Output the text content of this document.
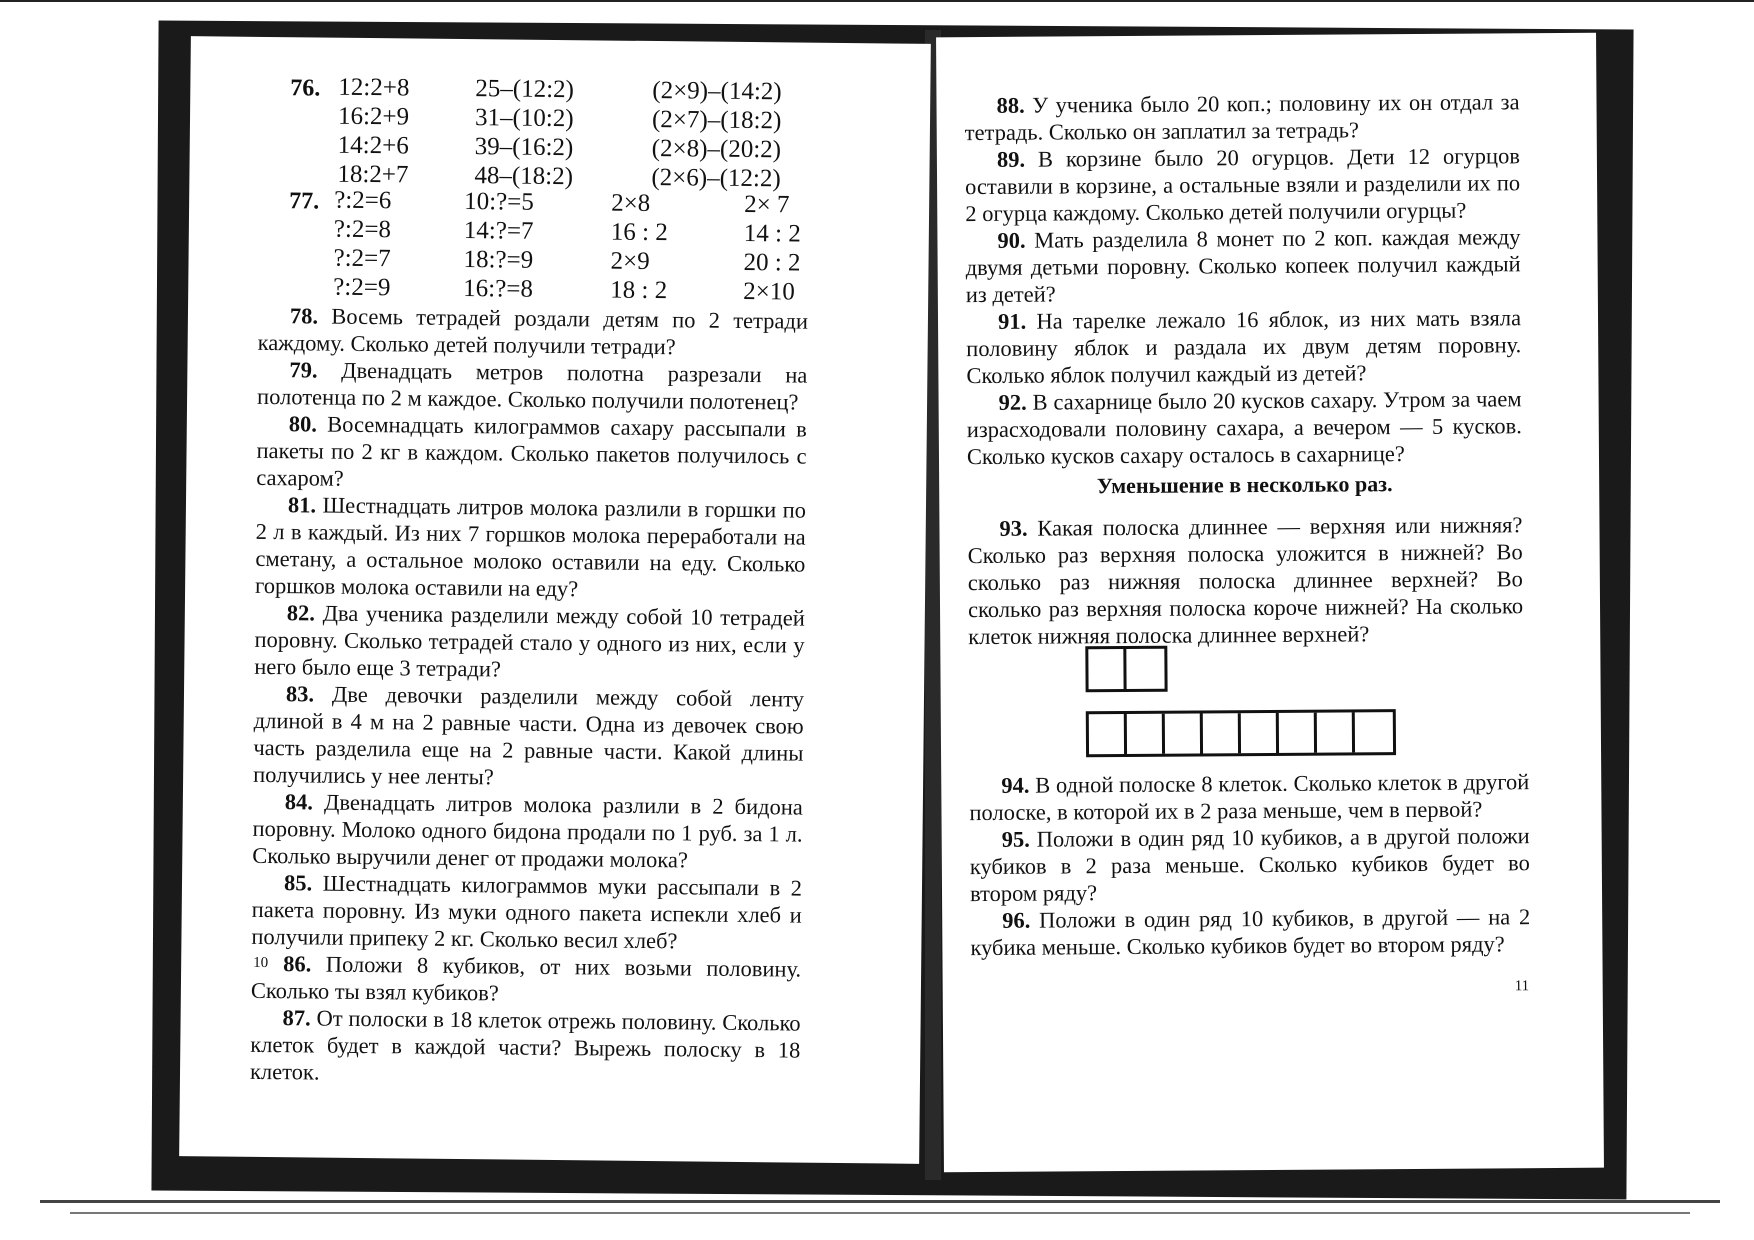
76. 12:2+8
16:2+9
14:2+6
18:2+7
25–(12:2)
31–(10:2)
39–(16:2)
48–(18:2)
(2×9)–(14:2)
(2×7)–(18:2)
(2×8)–(20:2)
(2×6)–(12:2)
77. ?:2=6
?:2=8
?:2=7
?:2=9
10:?=5
14:?=7
18:?=9
16:?=8
2×8
16 : 2
2×9
18 : 2
2× 7
14 : 2
20 : 2
2×10

78. Восемь тетрадей роздали детям по 2 тетради каждому. Сколько детей получили тетради?

79. Двенадцать метров полотна разрезали на полотенца по 2 м каждое. Сколько получили полотенец?

80. Восемнадцать килограммов сахару рассыпали в пакеты по 2 кг в каждом. Сколько пакетов получилось с сахаром?

81. Шестнадцать литров молока разлили в горшки по 2 л в каждый. Из них 7 горшков молока переработали на сметану, а остальное молоко оставили на еду. Сколько горшков молока оставили на еду?

82. Два ученика разделили между собой 10 тетрадей поровну. Сколько тетрадей стало у одного из них, если у него было еще 3 тетради?

83. Две девочки разделили между собой ленту длиной в 4 м на 2 равные части. Одна из девочек свою часть разделила еще на 2 равные части. Какой длины получились у нее ленты?

84. Двенадцать литров молока разлили в 2 бидона поровну. Молоко одного бидона продали по 1 руб. за 1 л. Сколько выручили денег от продажи молока?

85. Шестнадцать килограммов муки рассыпали в 2 пакета поровну. Из муки одного пакета испекли хлеб и получили припеку 2 кг. Сколько весил хлеб?

86. Положи 8 кубиков, от них возьми половину. Сколько ты взял кубиков?

87. От полоски в 18 клеток отрежь половину. Сколько клеток будет в каждой части? Вырежь полоску в 18 клеток.

10

88. У ученика было 20 коп.; половину их он отдал за тетрадь. Сколько он заплатил за тетрадь?

89. В корзине было 20 огурцов. Дети 12 огурцов оставили в корзине, а остальные взяли и разделили их по 2 огурца каждому. Сколько детей получили огурцы?

90. Мать разделила 8 монет по 2 коп. каждая между двумя детьми поровну. Сколько копеек получил каждый из детей?

91. На тарелке лежало 16 яблок, из них мать взяла половину яблок и раздала их двум детям поровну. Сколько яблок получил каждый из детей?

92. В сахарнице было 20 кусков сахару. Утром за чаем израсходовали половину сахара, а вечером — 5 кусков. Сколько кусков сахару осталось в сахарнице?

Уменьшение в несколько раз.

93. Какая полоска длиннее — верхняя или нижняя? Сколько раз верхняя полоска уложится в нижней? Во сколько раз нижняя полоска длиннее верхней? Во сколько раз верхняя полоска короче нижней? На сколько клеток нижняя полоска длиннее верхней?

94. В одной полоске 8 клеток. Сколько клеток в другой полоске, в которой их в 2 раза меньше, чем в первой?

95. Положи в один ряд 10 кубиков, а в другой положи кубиков в 2 раза меньше. Сколько кубиков будет во втором ряду?

96. Положи в один ряд 10 кубиков, в другой — на 2 кубика меньше. Сколько кубиков будет во втором ряду?

11
